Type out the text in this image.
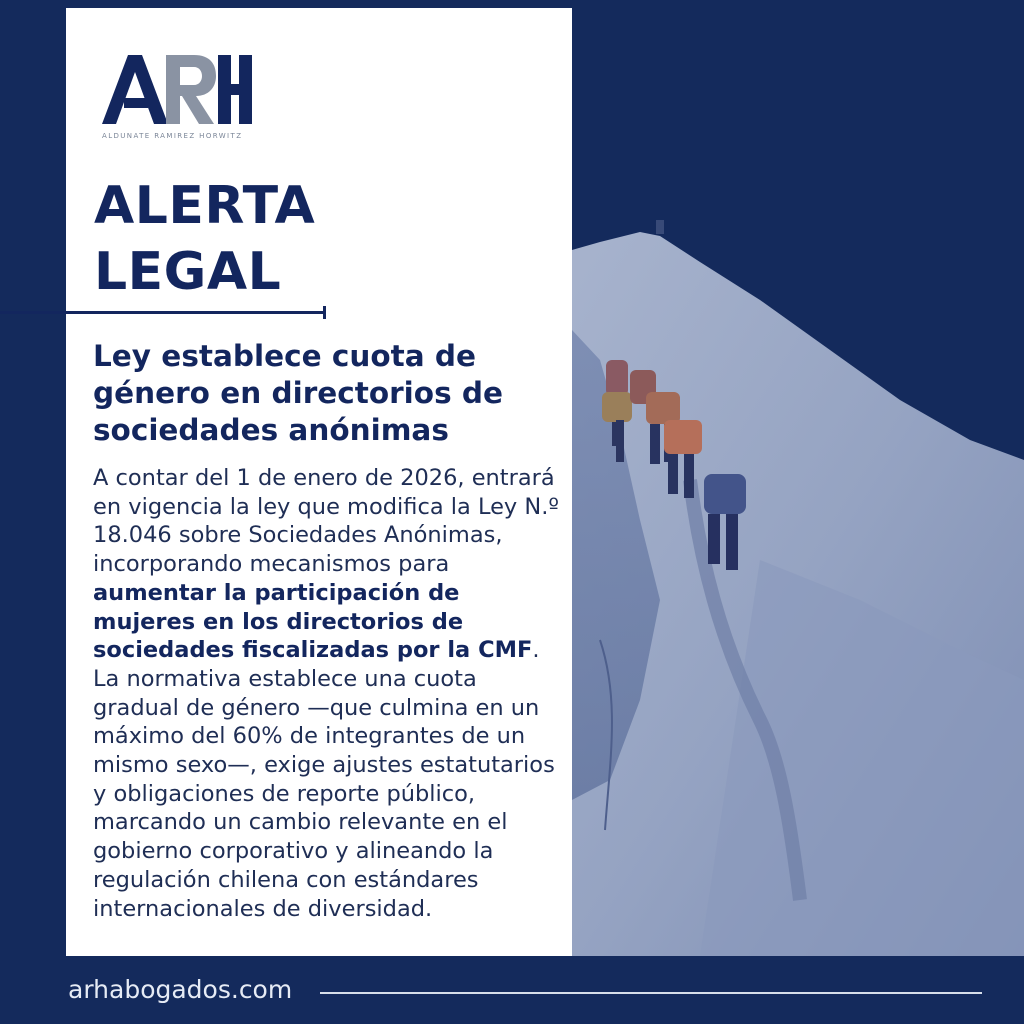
ALDUNATE RAMIREZ HORWITZ
ALERTA
LEGAL
Ley establece cuota de género en directorios de sociedades anónimas
A contar del 1 de enero de 2026, entrará en vigencia la ley que modifica la Ley N.º 18.046 sobre Sociedades Anónimas, incorporando mecanismos para aumentar la participación de mujeres en los directorios de sociedades fiscalizadas por la CMF.
La normativa establece una cuota gradual de género —que culmina en un máximo del 60% de integrantes de un mismo sexo—, exige ajustes estatutarios y obligaciones de reporte público, marcando un cambio relevante en el gobierno corporativo y alineando la regulación chilena con estándares internacionales de diversidad.
arhabogados.com
